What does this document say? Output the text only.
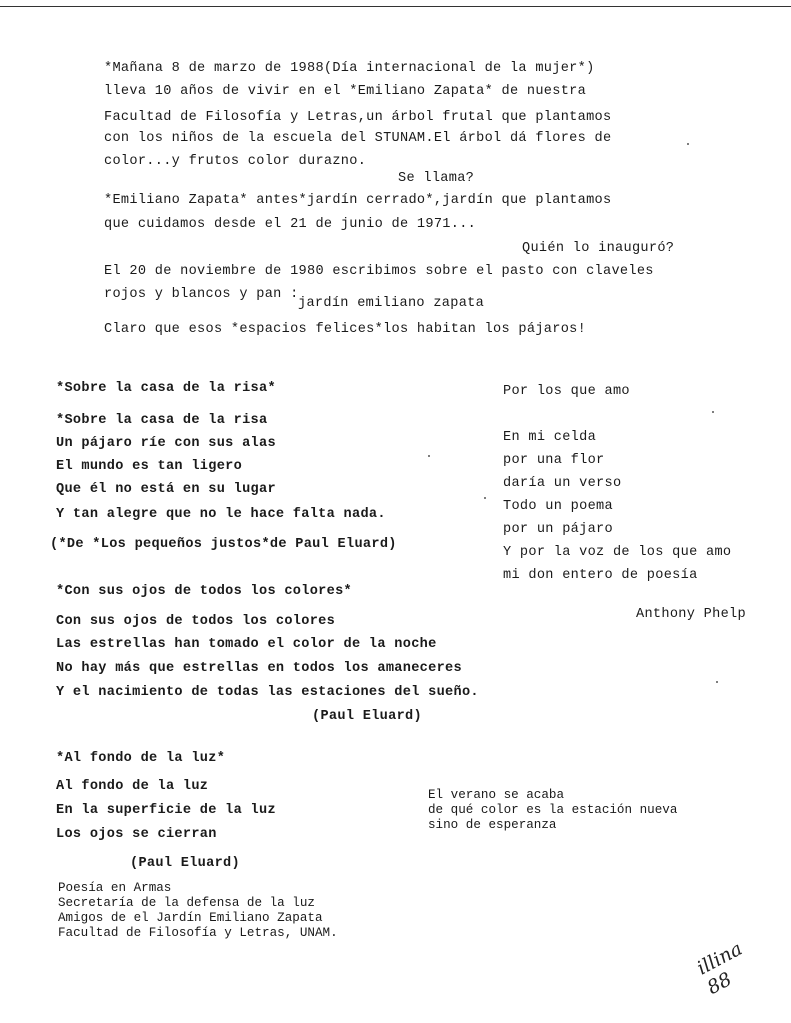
*Mañana 8 de marzo de 1988(Día internacional de la mujer*)
lleva 10 años de vivir en el *Emiliano Zapata* de nuestra
Facultad de Filosofía y Letras,un árbol frutal que plantamos
con los niños de la escuela del STUNAM.El árbol dá flores de
color...y frutos color durazno.
Se llama?
*Emiliano Zapata* antes*jardín cerrado*,jardín que plantamos
que cuidamos desde el 21 de junio de 1971...
Quién lo inauguró?
El 20 de noviembre de 1980 escribimos sobre el pasto con claveles
rojos y blancos y pan :
jardín emiliano zapata
Claro que esos *espacios felices*los habitan los pájaros!
*Sobre la casa de la risa*
*Sobre la casa de la risa
Un pájaro ríe con sus alas
El mundo es tan ligero
Que él no está en su lugar
Y tan alegre que no le hace falta nada.
(*De *Los pequeños justos*de Paul Eluard)
*Con sus ojos de todos los colores*
Con sus ojos de todos los colores
Las estrellas han tomado el color de la noche
No hay más que estrellas en todos los amaneceres
Y el nacimiento de todas las estaciones del sueño.
(Paul Eluard)
*Al fondo de la luz*
Al fondo de la luz
En la superficie de la luz
Los ojos se cierran
(Paul Eluard)
Por los que amo
En mi celda
por una flor
daría un verso
Todo un poema
por un pájaro
Y por la voz de los que amo
mi don entero de poesía
Anthony Phelp
El verano se acaba
de qué color es la estación nueva
sino de esperanza
Poesía en Armas
Secretaría de la defensa de la luz
Amigos de el Jardín Emiliano Zapata
Facultad de Filosofía y Letras, UNAM.
illina 88
